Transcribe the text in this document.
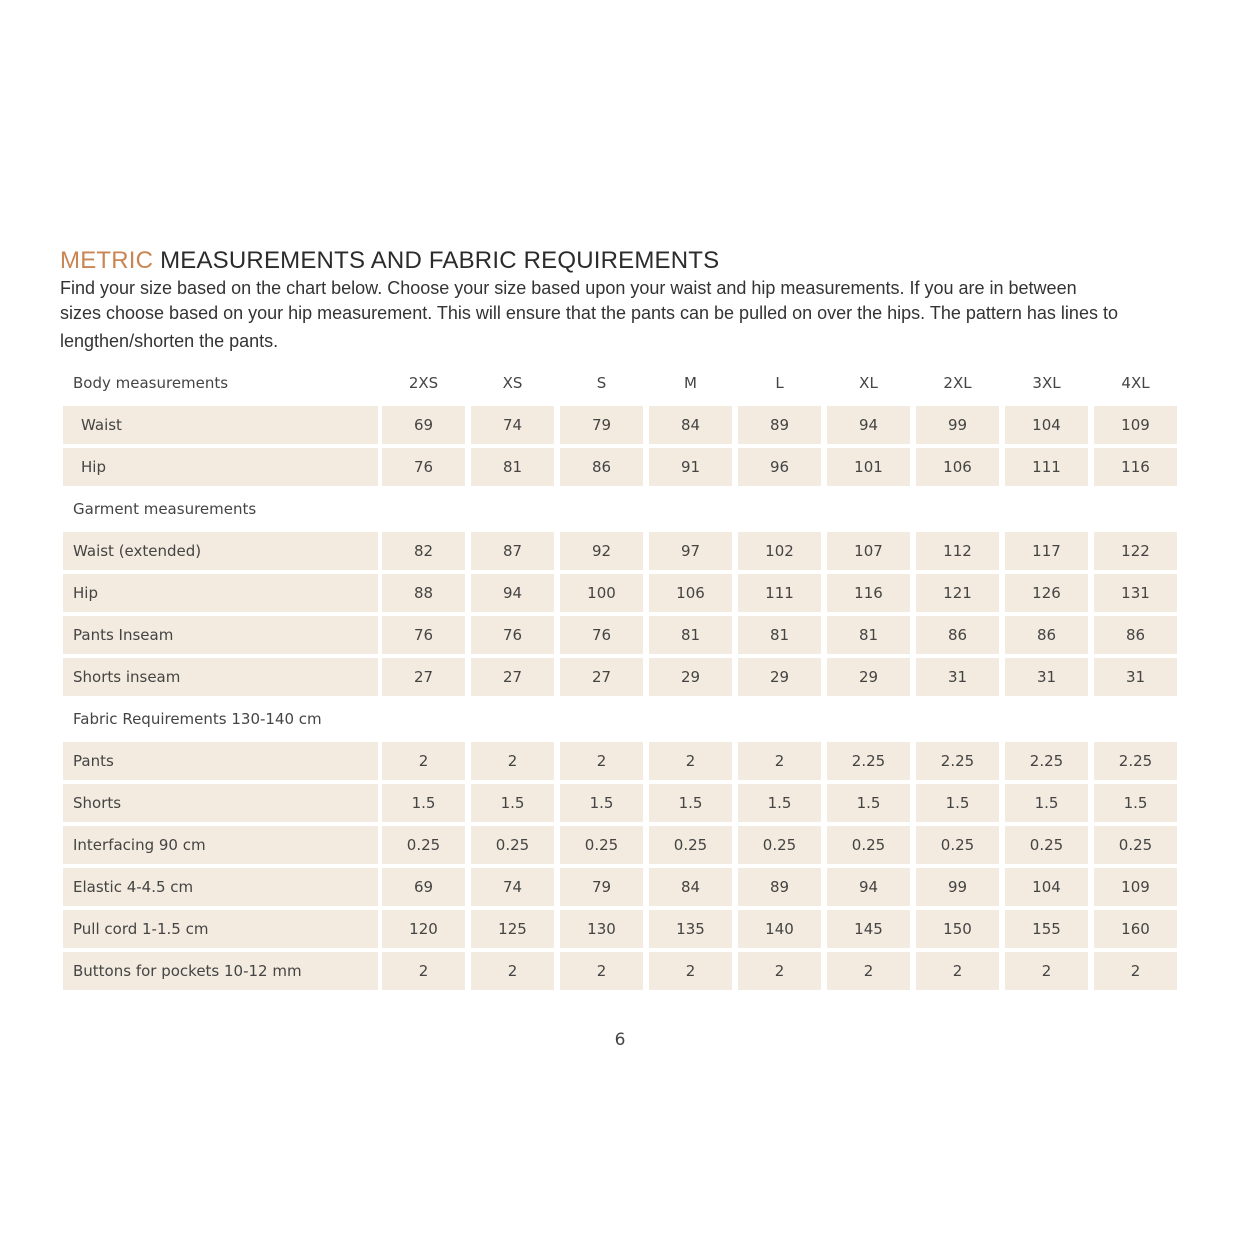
METRIC MEASUREMENTS AND FABRIC REQUIREMENTS
Find your size based on the chart below. Choose your size based upon your waist and hip measurements. If you are in between
sizes choose based on your hip measurement. This will ensure that the pants can be pulled on over the hips. The pattern has lines to
lengthen/shorten the pants.
Body measurements	2XS	XS	S	M	L	XL	2XL	3XL	4XL
Waist	69	74	79	84	89	94	99	104	109
Hip	76	81	86	91	96	101	106	111	116
Garment measurements
Waist (extended)	82	87	92	97	102	107	112	117	122
Hip	88	94	100	106	111	116	121	126	131
Pants Inseam	76	76	76	81	81	81	86	86	86
Shorts inseam	27	27	27	29	29	29	31	31	31
Fabric Requirements 130-140 cm
Pants	2	2	2	2	2	2.25	2.25	2.25	2.25
Shorts	1.5	1.5	1.5	1.5	1.5	1.5	1.5	1.5	1.5
Interfacing 90 cm	0.25	0.25	0.25	0.25	0.25	0.25	0.25	0.25	0.25
Elastic 4-4.5 cm	69	74	79	84	89	94	99	104	109
Pull cord 1-1.5 cm	120	125	130	135	140	145	150	155	160
Buttons for pockets 10-12 mm	2	2	2	2	2	2	2	2	2
6
